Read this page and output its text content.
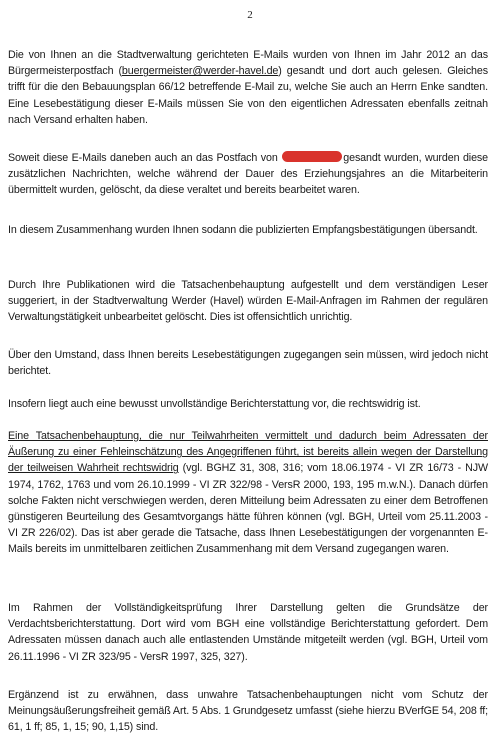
2

Die von Ihnen an die Stadtverwaltung gerichteten E-Mails wurden von Ihnen im Jahr 2012 an das Bürgermeisterpostfach (buergermeister@werder-havel.de) gesandt und dort auch gelesen. Gleiches trifft für die den Bebauungsplan 66/12 betreffende E-Mail zu, welche Sie auch an Herrn Enke sandten. Eine Lesebestätigung dieser E-Mails müssen Sie von den eigentlichen Adressaten ebenfalls zeitnah nach Versand erhalten haben.

Soweit diese E-Mails daneben auch an das Postfach von	gesandt wurden, wurden diese zusätzlichen Nachrichten, welche während der Dauer des Erziehungsjahres an die Mitarbeiterin übermittelt wurden, gelöscht, da diese veraltet und bereits bearbeitet waren.

In diesem Zusammenhang wurden Ihnen sodann die publizierten Empfangsbestätigungen übersandt.

Durch Ihre Publikationen wird die Tatsachenbehauptung aufgestellt und dem verständigen Leser suggeriert, in der Stadtverwaltung Werder (Havel) würden E-Mail-Anfragen im Rahmen der regulären Verwaltungstätigkeit unbearbeitet gelöscht. Dies ist offensichtlich unrichtig.

Über den Umstand, dass Ihnen bereits Lesebestätigungen zugegangen sein müssen, wird jedoch nicht berichtet.

Insofern liegt auch eine bewusst unvollständige Berichterstattung vor, die rechtswidrig ist.

Eine Tatsachenbehauptung, die nur Teilwahrheiten vermittelt und dadurch beim Adressaten der Äußerung zu einer Fehleinschätzung des Angegriffenen führt, ist bereits allein wegen der Darstellung der teilweisen Wahrheit rechtswidrig (vgl. BGHZ 31, 308, 316; vom 18.06.1974 - VI ZR 16/73 - NJW 1974, 1762, 1763 und vom 26.10.1999 - VI ZR 322/98 - VersR 2000, 193, 195 m.w.N.). Danach dürfen solche Fakten nicht verschwiegen werden, deren Mitteilung beim Adressaten zu einer dem Betroffenen günstigeren Beurteilung des Gesamtvorgangs hätte führen können (vgl. BGH, Urteil vom 25.11.2003 - VI ZR 226/02). Das ist aber gerade die Tatsache, dass Ihnen Lesebestätigungen der vorgenannten E-Mails bereits im unmittelbaren zeitlichen Zusammenhang mit dem Versand zugegangen waren.

Im Rahmen der Vollständigkeitsprüfung Ihrer Darstellung gelten die Grundsätze der Verdachtsberichterstattung. Dort wird vom BGH eine vollständige Berichterstattung gefordert. Dem Adressaten müssen danach auch alle entlastenden Umstände mitgeteilt werden (vgl. BGH, Urteil vom 26.11.1996 - VI ZR 323/95 - VersR 1997, 325, 327).

Ergänzend ist zu erwähnen, dass unwahre Tatsachenbehauptungen nicht vom Schutz der Meinungsäußerungsfreiheit gemäß Art. 5 Abs. 1 Grundgesetz umfasst (siehe hierzu BVerfGE 54, 208 ff; 61, 1 ff; 85, 1, 15; 90, 1,15) sind.
